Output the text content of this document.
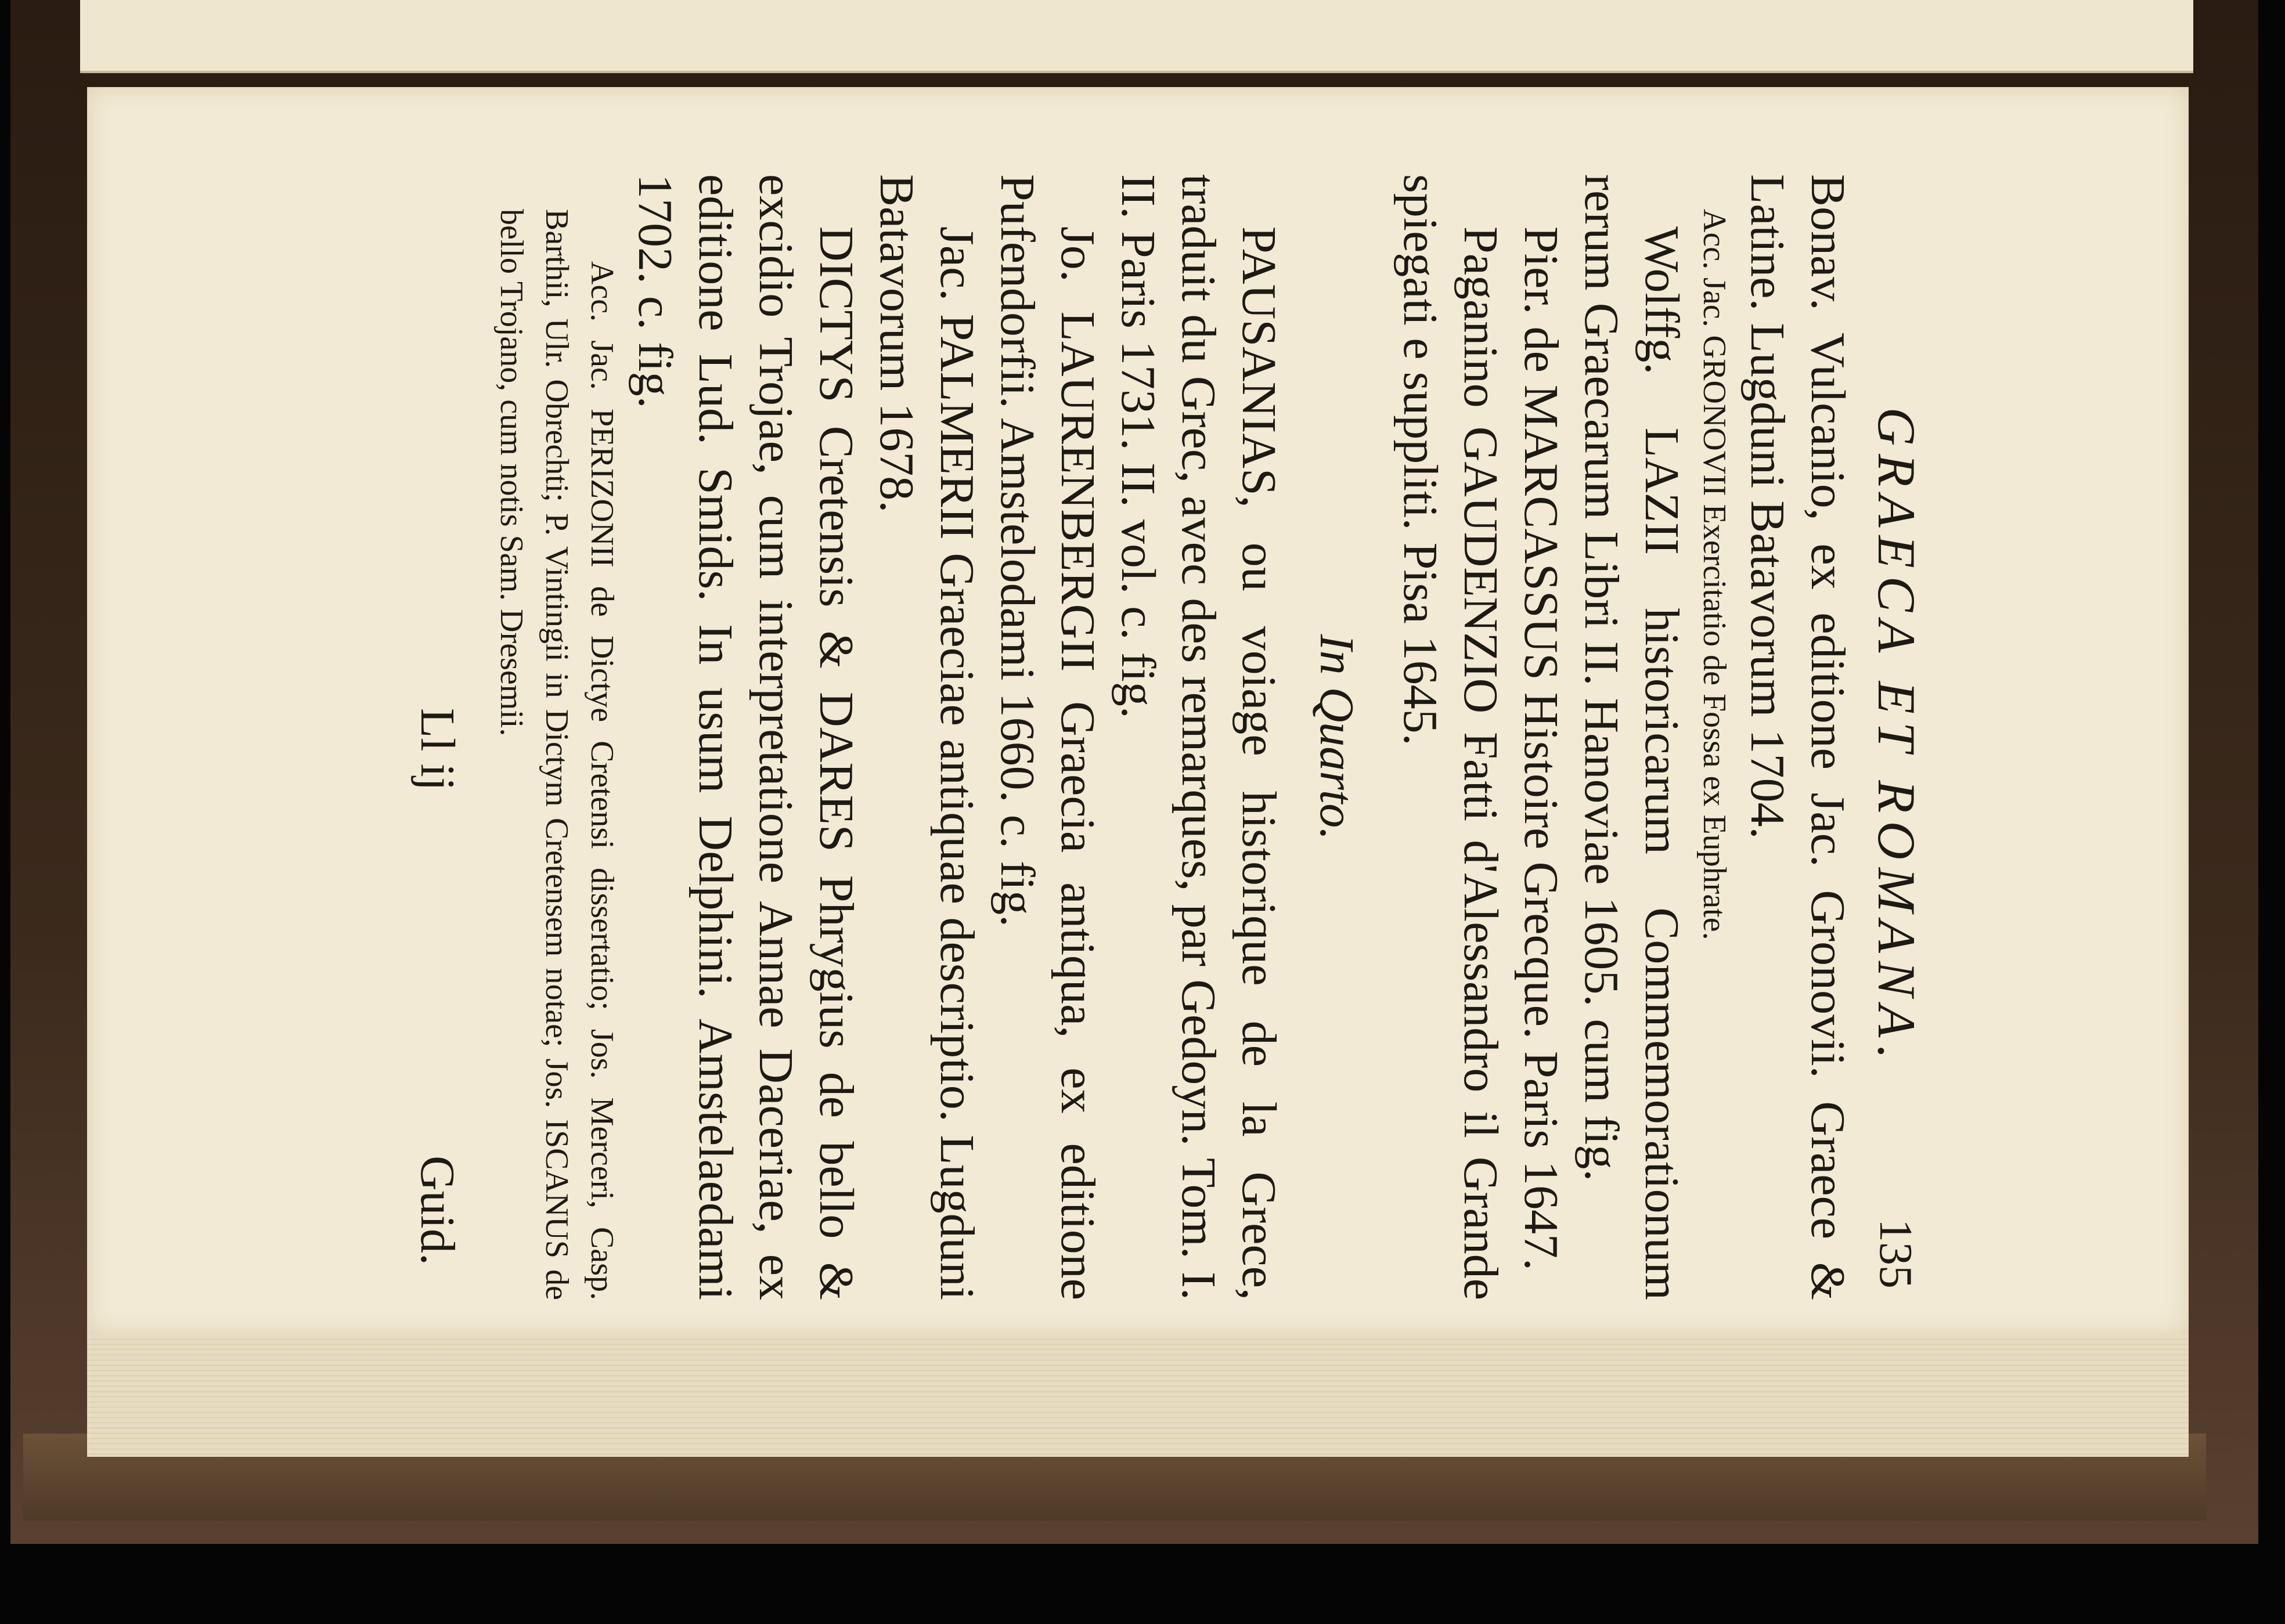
GRAECA ET ROMANA.
135

Bonav. Vulcanio, ex editione Jac. Gronovii. Graece & Latine. Lugduni Batavorum 1704.

Acc. Jac. GRONOVII Exercitatio de Fossa ex Euphrate.

Wolffg. LAZII historicarum Commemorationum rerum Graecarum Libri II. Hanoviae 1605. cum fig.

Pier. de MARCASSUS Histoire Grecque. Paris 1647.

Paganino GAUDENZIO Fatti d'Alessandro il Grande spiegati e suppliti. Pisa 1645.

In Quarto.

PAUSANIAS, ou voiage historique de la Grece, traduit du Grec, avec des remarques, par Gedoyn. Tom. I. II. Paris 1731. II. vol. c. fig.

Jo. LAURENBERGII Graecia antiqua, ex editione Pufendorfii. Amstelodami 1660. c. fig.

Jac. PALMERII Graeciae antiquae descriptio. Lugduni Batavorum 1678.

DICTYS Cretensis & DARES Phrygius de bello & excidio Trojae, cum interpretatione Annae Daceriae, ex editione Lud. Smids. In usum Delphini. Amstelaedami 1702. c. fig.

Acc. Jac. PERIZONII de Dictye Cretensi dissertatio; Jos. Merceri, Casp. Barthii, Ulr. Obrechti; P. Vintingii in Dictym Cretensem notae; Jos. ISCANUS de bello Trojano, cum notis Sam. Dresemii.

Ll ij
Guid.
